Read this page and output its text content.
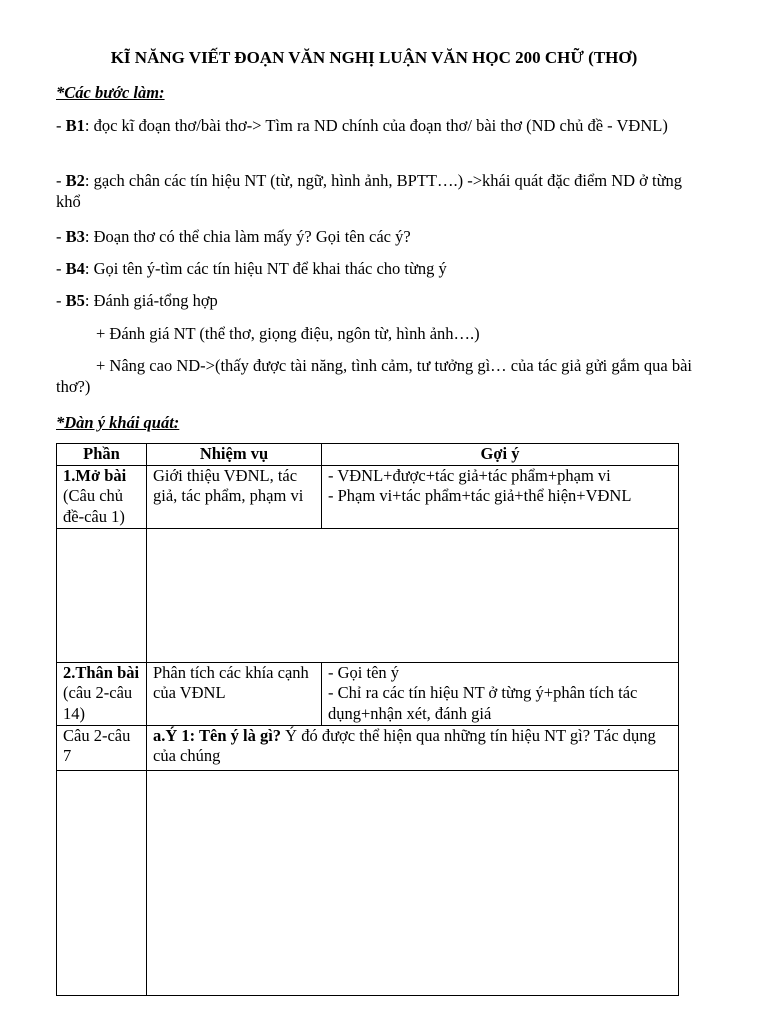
KĨ NĂNG VIẾT ĐOẠN VĂN NGHỊ LUẬN VĂN HỌC 200 CHỮ (THƠ)
*Các bước làm:
- B1: đọc kĩ đoạn thơ/bài thơ-> Tìm ra ND chính của đoạn thơ/ bài thơ (ND chủ đề - VĐNL)
- B2: gạch chân các tín hiệu NT (từ, ngữ, hình ảnh, BPTT….) ->khái quát đặc điểm ND ở từng khổ
- B3: Đoạn thơ có thể chia làm mấy ý? Gọi tên các ý?
- B4: Gọi tên ý-tìm các tín hiệu NT để khai thác cho từng ý
- B5: Đánh giá-tổng hợp
+ Đánh giá NT (thể thơ, giọng điệu, ngôn từ, hình ảnh….)
+ Nâng cao ND->(thấy được tài năng, tình cảm, tư tưởng gì… của tác giả gửi gắm qua bài thơ?)
*Dàn ý khái quát:
Phần	Nhiệm vụ	Gợi ý
1.Mở bài (Câu chủ đề-câu 1)	Giới thiệu VĐNL, tác giả, tác phẩm, phạm vi	- VĐNL+được+tác giả+tác phẩm+phạm vi
- Phạm vi+tác phẩm+tác giả+thể hiện+VĐNL

2.Thân bài (câu 2-câu 14)	Phân tích các khía cạnh của VĐNL	- Gọi tên ý
- Chỉ ra các tín hiệu NT ở từng ý+phân tích tác dụng+nhận xét, đánh giá

Câu 2-câu 7	a.Ý 1: Tên ý là gì? Ý đó được thể hiện qua những tín hiệu NT gì? Tác dụng của chúng	
